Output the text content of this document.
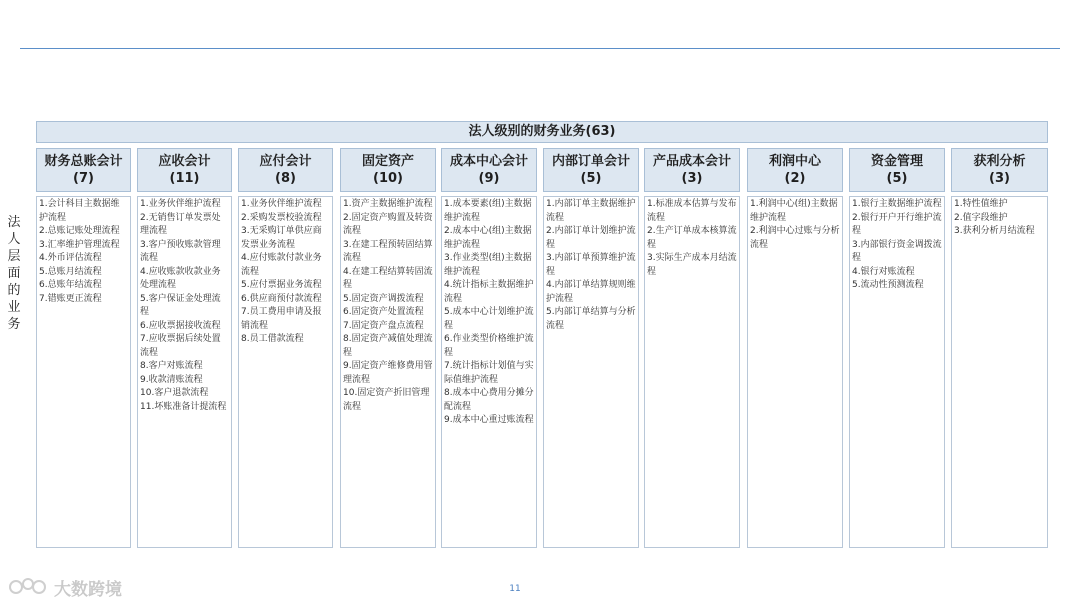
法人层面的业务
法人级别的财务业务(63)
财务总账会计
(7)
1.会计科目主数据维护流程
2.总账记账处理流程
3.汇率维护管理流程
4.外币评估流程
5.总账月结流程
6.总账年结流程
7.错账更正流程
应收会计
(11)
1.业务伙伴维护流程
2.无销售订单发票处理流程
3.客户预收账款管理流程
4.应收账款收款业务处理流程
5.客户保证金处理流程
6.应收票据接收流程
7.应收票据后续处置流程
8.客户对账流程
9.收款清账流程
10.客户退款流程
11.坏账准备计提流程
应付会计
(8)
1.业务伙伴维护流程
2.采购发票校验流程
3.无采购订单供应商发票业务流程
4.应付账款付款业务流程
5.应付票据业务流程
6.供应商预付款流程
7.员工费用申请及报销流程
8.员工借款流程
固定资产
(10)
1.资产主数据维护流程
2.固定资产购置及转资流程
3.在建工程预转固结算流程
4.在建工程结算转固流程
5.固定资产调拨流程
6.固定资产处置流程
7.固定资产盘点流程
8.固定资产减值处理流程
9.固定资产维修费用管理流程
10.固定资产折旧管理流程
成本中心会计
(9)
1.成本要素(组)主数据维护流程
2.成本中心(组)主数据维护流程
3.作业类型(组)主数据维护流程
4.统计指标主数据维护流程
5.成本中心计划维护流程
6.作业类型价格维护流程
7.统计指标计划值与实际值维护流程
8.成本中心费用分摊分配流程
9.成本中心重过账流程
内部订单会计
(5)
1.内部订单主数据维护流程
2.内部订单计划维护流程
3.内部订单预算维护流程
4.内部订单结算规则维护流程
5.内部订单结算与分析流程
产品成本会计
(3)
1.标准成本估算与发布流程
2.生产订单成本核算流程
3.实际生产成本月结流程
利润中心
(2)
1.利润中心(组)主数据维护流程
2.利润中心过账与分析流程
资金管理
(5)
1.银行主数据维护流程
2.银行开户开行维护流程
3.内部银行资金调拨流程
4.银行对账流程
5.流动性预测流程
获利分析
(3)
1.特性值维护
2.值字段维护
3.获利分析月结流程
大数跨境	11
